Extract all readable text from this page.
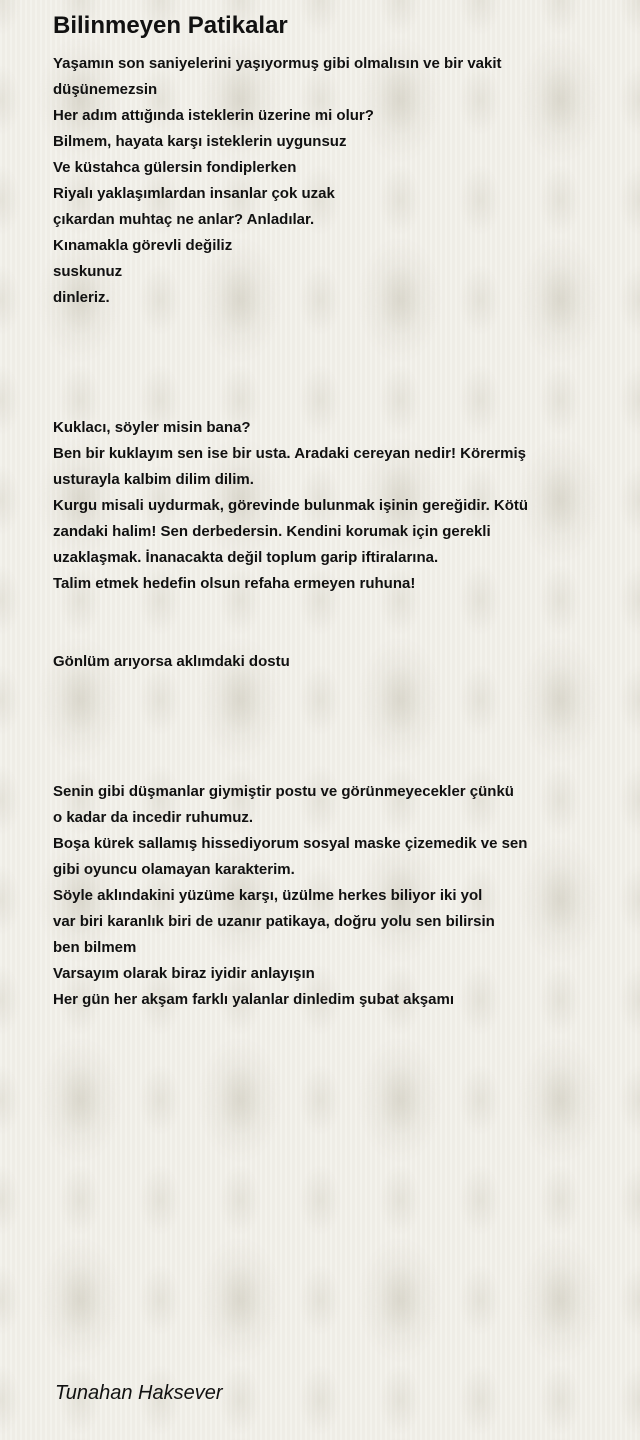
Bilinmeyen Patikalar
Yaşamın son saniyelerini yaşıyormuş gibi olmalısın ve bir vakit
düşünemezsin
Her adım attığında isteklerin üzerine mi olur?
Bilmem, hayata karşı isteklerin uygunsuz
Ve küstahca gülersin fondiplerken
Riyalı yaklaşımlardan insanlar çok uzak
çıkardan muhtaç ne anlar? Anladılar.
Kınamakla görevli değiliz
suskunuz
dinleriz.
Kuklacı, söyler misin bana?
Ben bir kuklayım sen ise bir usta. Aradaki cereyan nedir! Körermiş
usturayla kalbim dilim dilim.
Kurgu misali uydurmak, görevinde bulunmak işinin gereğidir. Kötü
zandaki halim! Sen derbedersin. Kendini korumak için gerekli
uzaklaşmak. İnanacakta değil toplum garip iftiralarına.
Talim etmek hedefin olsun refaha ermeyen ruhuna!
Gönlüm arıyorsa aklımdaki dostu
Senin gibi düşmanlar giymiştir postu ve görünmeyecekler çünkü
o kadar da incedir ruhumuz.
Boşa kürek sallamış hissediyorum sosyal maske çizemedik ve sen
gibi oyuncu olamayan karakterim.
Söyle aklındakini yüzüme karşı, üzülme herkes biliyor iki yol
var biri karanlık biri de uzanır patikaya, doğru yolu sen bilirsin
ben bilmem
Varsayım olarak biraz iyidir anlayışın
Her gün her akşam farklı yalanlar dinledim şubat akşamı
Tunahan Haksever
